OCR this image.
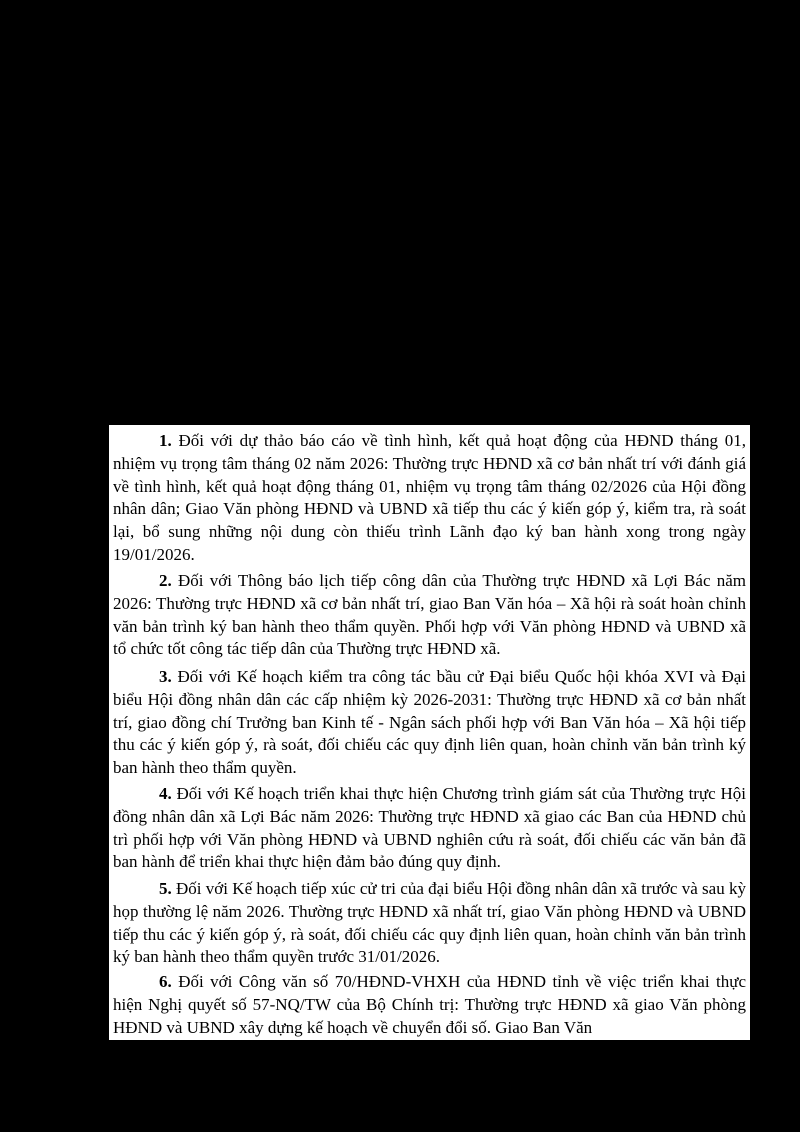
1. Đối với dự thảo báo cáo về tình hình, kết quả hoạt động của HĐND tháng 01, nhiệm vụ trọng tâm tháng 02 năm 2026: Thường trực HĐND xã cơ bản nhất trí với đánh giá về tình hình, kết quả hoạt động tháng 01, nhiệm vụ trọng tâm tháng 02/2026 của Hội đồng nhân dân; Giao Văn phòng HĐND và UBND xã tiếp thu các ý kiến góp ý, kiểm tra, rà soát lại, bổ sung những nội dung còn thiếu trình Lãnh đạo ký ban hành xong trong ngày 19/01/2026.

2. Đối với Thông báo lịch tiếp công dân của Thường trực HĐND xã Lợi Bác năm 2026: Thường trực HĐND xã cơ bản nhất trí, giao Ban Văn hóa – Xã hội rà soát hoàn chỉnh văn bản trình ký ban hành theo thẩm quyền. Phối hợp với Văn phòng HĐND và UBND xã tổ chức tốt công tác tiếp dân của Thường trực HĐND xã.

3. Đối với Kế hoạch kiểm tra công tác bầu cử Đại biểu Quốc hội khóa XVI và Đại biểu Hội đồng nhân dân các cấp nhiệm kỳ 2026-2031: Thường trực HĐND xã cơ bản nhất trí, giao đồng chí Trưởng ban Kinh tế - Ngân sách phối hợp với Ban Văn hóa – Xã hội tiếp thu các ý kiến góp ý, rà soát, đối chiếu các quy định liên quan, hoàn chỉnh văn bản trình ký ban hành theo thẩm quyền.

4. Đối với Kế hoạch triển khai thực hiện Chương trình giám sát của Thường trực Hội đồng nhân dân xã Lợi Bác năm 2026: Thường trực HĐND xã giao các Ban của HĐND chủ trì phối hợp với Văn phòng HĐND và UBND nghiên cứu rà soát, đối chiếu các văn bản đã ban hành để triển khai thực hiện đảm bảo đúng quy định.

5. Đối với Kế hoạch tiếp xúc cử tri của đại biểu Hội đồng nhân dân xã trước và sau kỳ họp thường lệ năm 2026. Thường trực HĐND xã nhất trí, giao Văn phòng HĐND và UBND tiếp thu các ý kiến góp ý, rà soát, đối chiếu các quy định liên quan, hoàn chỉnh văn bản trình ký ban hành theo thẩm quyền trước 31/01/2026.

6. Đối với Công văn số 70/HĐND-VHXH của HĐND tỉnh về việc triển khai thực hiện Nghị quyết số 57-NQ/TW của Bộ Chính trị: Thường trực HĐND xã giao Văn phòng HĐND và UBND xây dựng kế hoạch về chuyển đổi số. Giao Ban Văn
